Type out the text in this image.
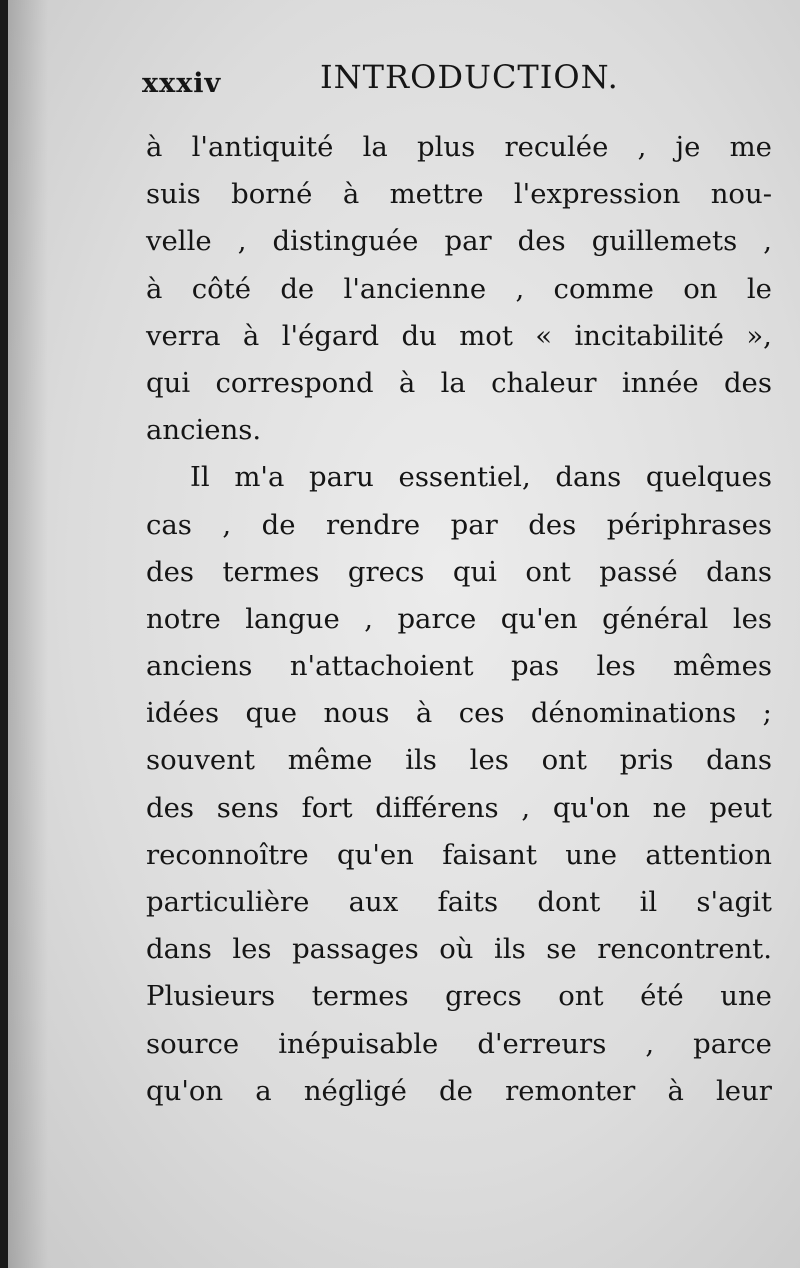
xxxiv	INTRODUCTION.
à l'antiquité la plus reculée , je me
suis borné à mettre l'expression nou-
velle , distinguée par des guillemets ,
à côté de l'ancienne , comme on le
verra à l'égard du mot « incitabilité »,
qui correspond à la chaleur innée des
anciens.
Il m'a paru essentiel, dans quelques
cas , de rendre par des périphrases
des termes grecs qui ont passé dans
notre langue , parce qu'en général les
anciens n'attachoient pas les mêmes
idées que nous à ces dénominations ;
souvent même ils les ont pris dans
des sens fort différens , qu'on ne peut
reconnoître qu'en faisant une attention
particulière aux faits dont il s'agit
dans les passages où ils se rencontrent.
Plusieurs termes grecs ont été une
source inépuisable d'erreurs , parce
qu'on a négligé de remonter à leur
